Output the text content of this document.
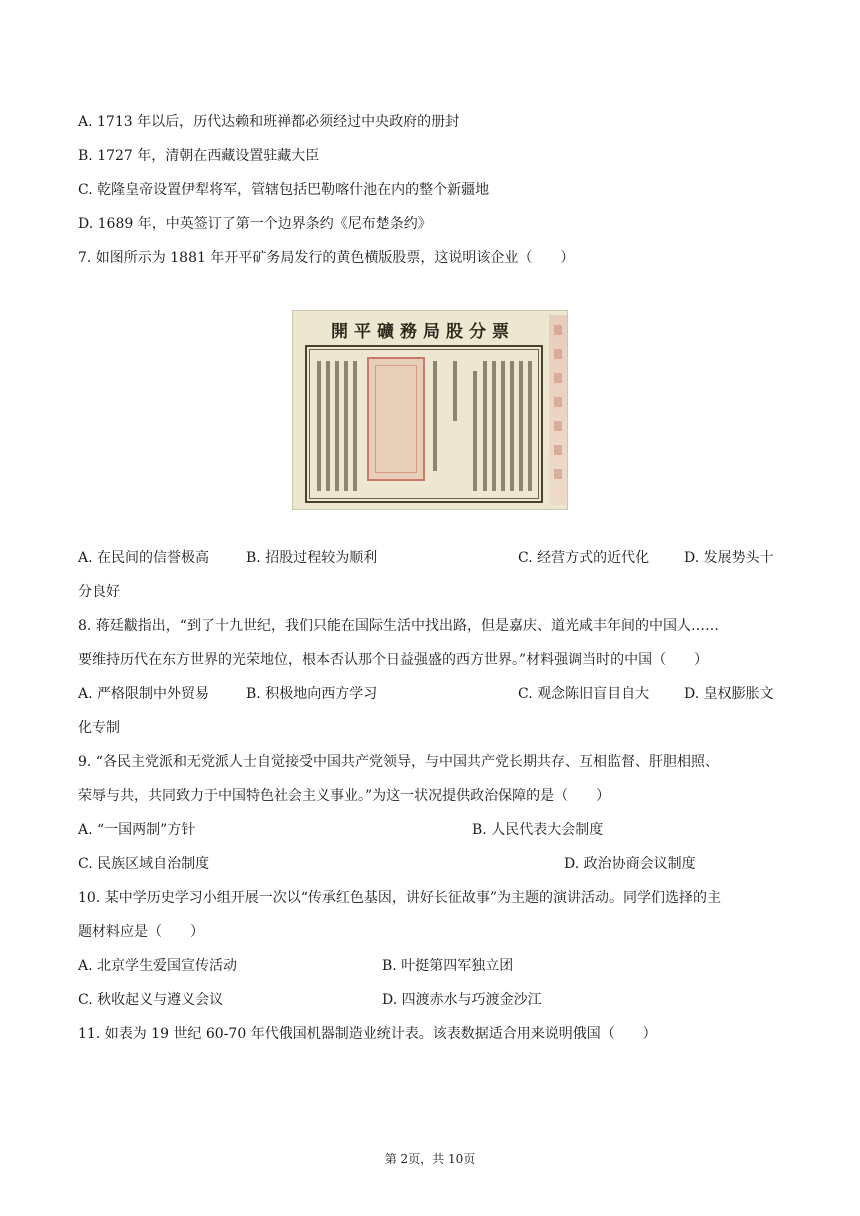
A. 1713 年以后，历代达赖和班禅都必须经过中央政府的册封
B. 1727 年，清朝在西藏设置驻藏大臣
C. 乾隆皇帝设置伊犁将军，管辖包括巴勒喀什池在内的整个新疆地
D. 1689 年，中英签订了第一个边界条约《尼布楚条约》
7. 如图所示为 1881 年开平矿务局发行的黄色横版股票，这说明该企业（　　）
開平礦務局股分票
A. 在民间的信誉极高	B. 招股过程较为顺利	C. 经营方式的近代化 D. 发展势头十
分良好
8. 蒋廷黻指出，“到了十九世纪，我们只能在国际生活中找出路，但是嘉庆、道光咸丰年间的中国人……
要维持历代在东方世界的光荣地位，根本否认那个日益强盛的西方世界。”材料强调当时的中国（　　）
A. 严格限制中外贸易	B. 积极地向西方学习	C. 观念陈旧盲目自大 D. 皇权膨胀文
化专制
9. “各民主党派和无党派人士自觉接受中国共产党领导，与中国共产党长期共存、互相监督、肝胆相照、
荣辱与共，共同致力于中国特色社会主义事业。”为这一状况提供政治保障的是（　　）
A. “一国两制”方针	B. 人民代表大会制度
C. 民族区域自治制度	D. 政治协商会议制度
10. 某中学历史学习小组开展一次以“传承红色基因，讲好长征故事”为主题的演讲活动。同学们选择的主
题材料应是（　　）
A. 北京学生爱国宣传活动	B. 叶挺第四军独立团
C. 秋收起义与遵义会议	D. 四渡赤水与巧渡金沙江
11. 如表为 19 世纪 60-70 年代俄国机器制造业统计表。该表数据适合用来说明俄国（　　）
第 2页，共 10页
